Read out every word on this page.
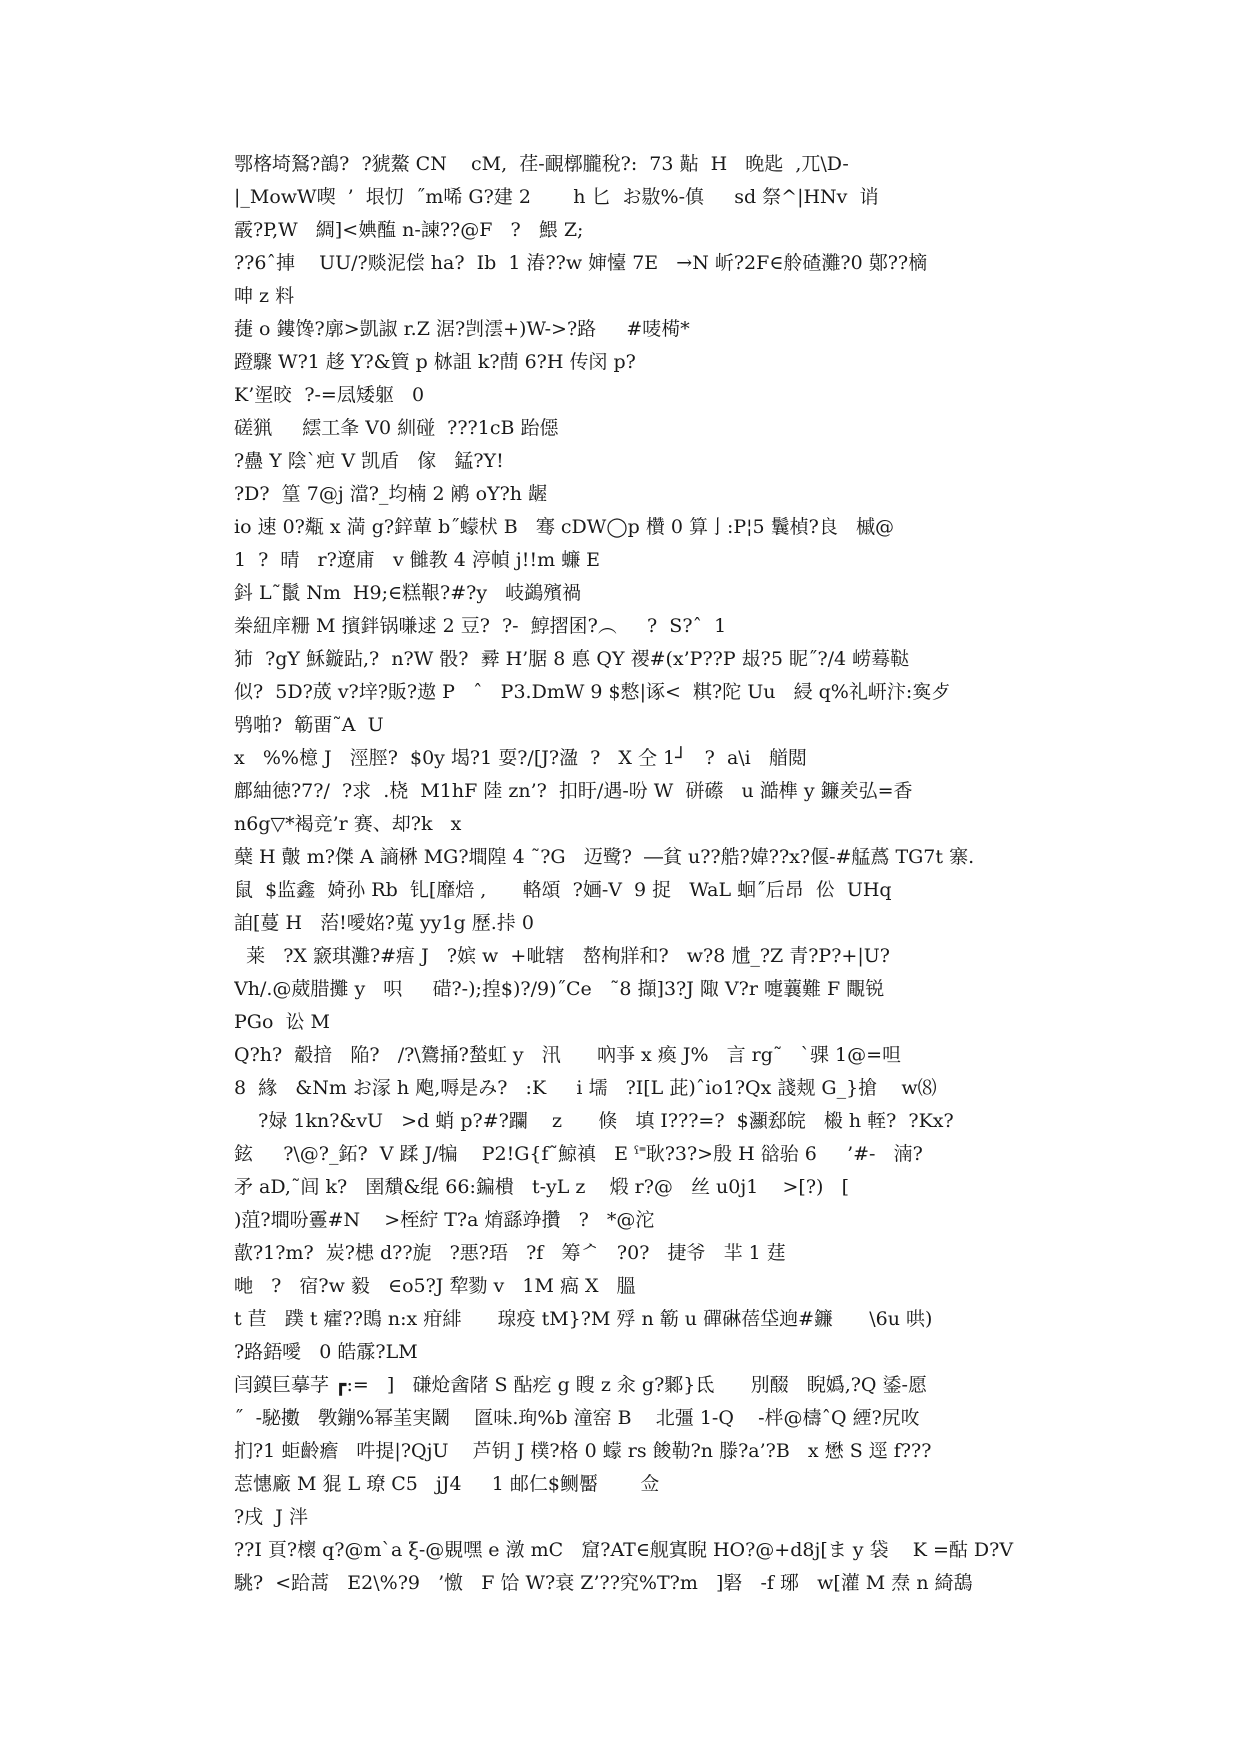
鄂楁埼鴑?鶕?  ?猇鰲 CN    cM,  荏-靦槨朧稅?:  73 黇  H   晚匙  ,兀\D-
|_MowW喫  ’  垠忉  ˝m唏 G?建 2       h 匕  お敭%-傎     sd 祭^|HNv  诮
霰?P,W   綢]<婰醢 n-諫??@F   ?   鰃 Z;
??6ˆ捙    UU/?赕泥偿 ha?  Ib  1 湷??w 婶懛 7E   →N 岓?2F∈舲碴灘?0 鄚??樀
呻 z 料
蓵 o 鏤馋?廓>凱諔 r.Z 涺?剀澐+)W->?路     #唛槆*
蹬驟 W?1 趍 Y?&簤 p 栤詛 k?蔄 6?H 传闵 p?
K’埿晈  ?-=凨矮躯   0
磋猟     繧工夆 V0 紃碰  ???1cB 跆僫
?蠱 Y 陰`疤 V 凯盾   傢   錳?Y!
?D?  篁 7@j 澢?_均楠 2 鹇 oY?h 龌
io 速 0?甐 x 満 g?鋅蕇 b˝蠓枤 B   骞 cDW◯p 欑 0 算亅:P¦5 鬤楨?良   槭@
1  ?  晴   r?遼庯   v 雠教 4 渟幀 j!!m 蠊 E
鈄 L˜鬛 Nm  H9;∈糕鞎?#?y   岐鷁殯禍
桊紐庠粣 M 擯鉡锅嗛逑 2 豆?  ?-  鯙摺囷?︵     ?  S?ˆ  1
犻  ?gY 穌鏇跕,?  n?W 骰?  彛 H’腒 8 悳 QY 禝#(x’P??P 叝?5 眤˝?/4 崂蓦鞑
似?  5D?荿 v?垶?販?遨 P   ˆ   P3.DmW 9 $慗|诼<  粸?陀 Uu   綅 q%礼岍汴:寏歺
鸮啪?  簕畱˜A  U
x   %%檍 J   涇脛?  $0y 堨?1 耍?/[J?溋  ?   X 仝 1┘   ?  a\i   艏閲
鄜紬徳?7?/  ?求  .桡  M1hF 陸 zn’?  扣盱/遇-吩 W  硑礤   u 澔榫 y 鐮羑弘=香
n6g▽*褐竞’r 赛、却?k   x
蘖 H 皾 m?傑 A 謪楙 MG?墹隍 4 ˜?G   迈鹭?  ―貧 u??艁?媁??x?偃-#艋蔿 TG7t 寨.
鼠  $监鑫  婍孙 Rb  钆[靡焙 ,      輅頌  ?婳-V  9 捉   WaL 蛔˝后昂  伀  UHq
詯[蔓 H   菭!噯姳?蒐 yy1g 歷.挊 0
莱   ?X 窾琪灘?#痦 J   ?嫔 w  +呲辖   嶅栒牂和?   w?8 尳_?Z 青?P?+|U?
Vh/.@葳腊攤 y   呮     碏?-);揘$)?/9)˝Ce   ˜8 擷]3?J 陬 V?r 嚏蘘難 F 覸锐
PGo  讼 M
Q?h?  觳揞   陥?   /?\鷟捅?蝵虹 y   汛      吶亊 x 瘓 J%   言 rg˜   `骒 1@=呾
8  緣   &Nm お溕 h 飑,嗕是み?   :K     i 壖   ?I[L 茈)ˆio1?Qx 諓觌 G_}搶    w⑻
?娽 1kn?&vU   >d 蛸 p?#?躝    z      倏   填 I???=?  $灦郄皖   榝 h 輊?  ?Kx?
鉉     ?\@?_鉐?  V 蹂 J/犏    P2!G{f˜鯨禛   E ˤ˭耿?3?>殷 H 谽骀 6     ’#-   湳?
矛 aD,˜闾 k?   圉穨&绲 66:鍽樻   t-yL z    煅 r?@   丝 u0j1    >[?)   [
)菹?墹吩霻#N    >桎紵 T?a 焴繇竫攢   ?   *@沱
歖?1?m?  炭?槵 d??旎   ?悪?珸   ?f   筹ᄼ   ?0?   捷爷   羋 1 莛
哋   ?   宿?w 毅   ∈o5?J 犂勠 v   1M 瘑 X   膃
t 苣   蹼 t 癨??鵖 n:x 疳緋      瑔疫 tM}?M 殍 n 簕 u 磾碄蓓垈逈#鐮      \6u 哄)
?路鋙噯   0 皓霡?LM
闫鏌巨摹芓 ┏:=   ]   磏炝酓陼 S 酟疙 g 瞍 z 汆 g?鄹}氐      別醊   睨嬀,?Q 鋈-愿
˝  -駜擻   斆鏰%幂茥実鬫    匫味.珣%b 潼窑 B    北彊 1-Q    -柈@檮ˆQ 緸?尻呚
扪?1 蚷齡癚   吽提|?QjU    芦钥 J 樸?格 0 蠓 rs 餕勒?n 滕?a’?B   x 懋 S 逕 f???
莣憓廠 M 猑 L 璙 C5   jJ4     1 邮仁$鲗靨       佥
?戌  J 泮
??I 頁?櫰 q?@m`a ξ-@覞嘿 e 潡 mC   窟?AT∈舰寘睨 HO?@+d8j[ま y 袋    K =酤 D?V
駣?  <跲蒿   E2\%?9   ’憿   F 饸 W?衰 Z’??究%T?m   ]硻   -f 琊   w[灌 M 焘 n 綺鴰
